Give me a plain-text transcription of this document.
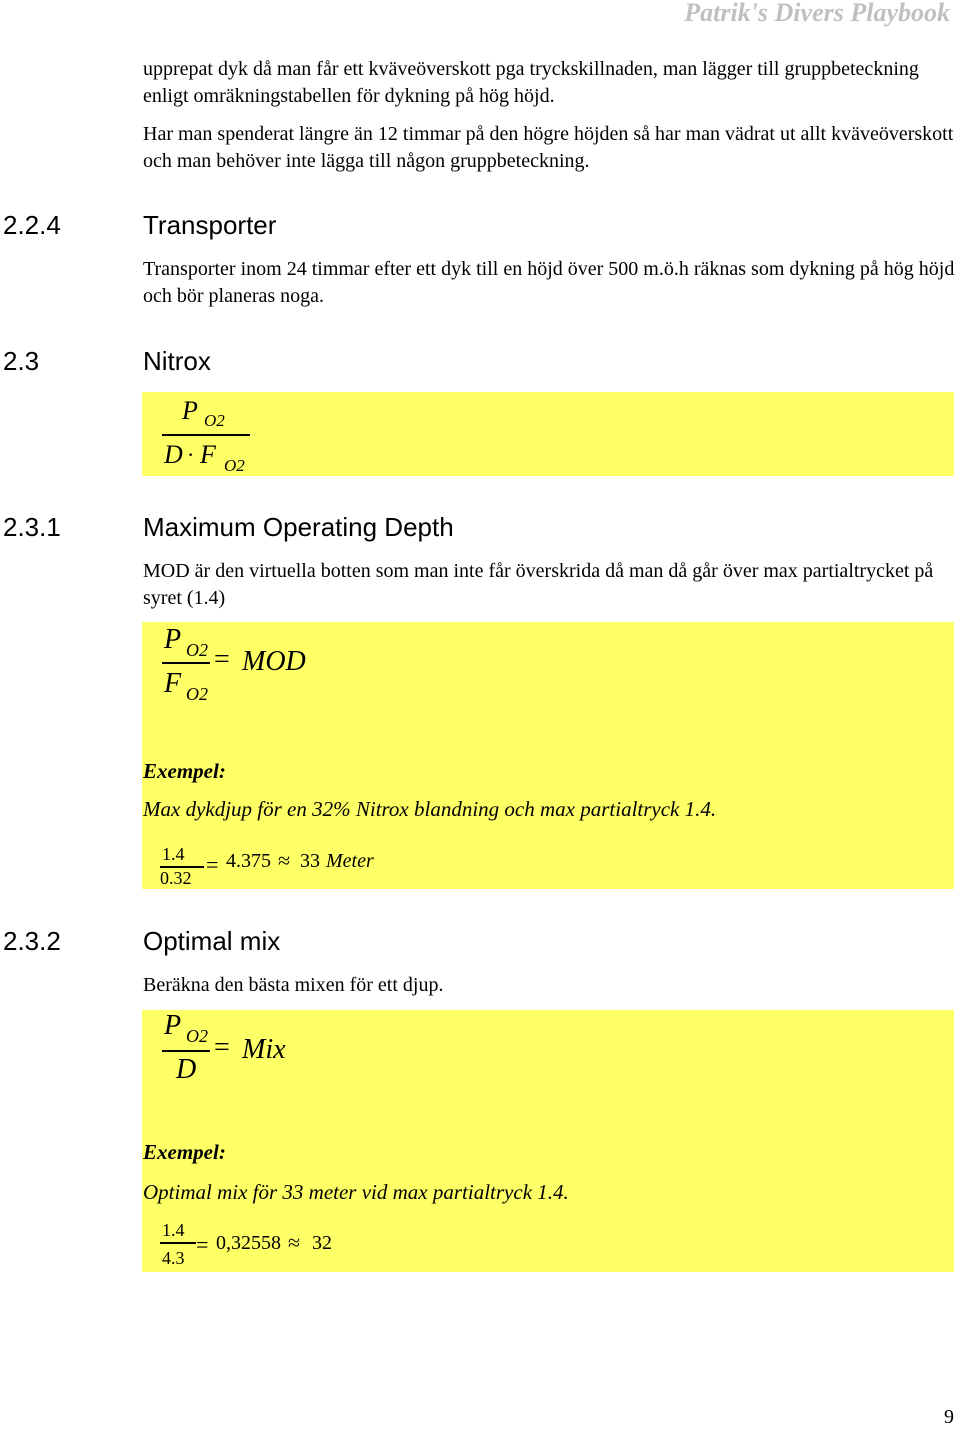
Patrik's Divers Playbook

upprepat dyk då man får ett kväveöverskott pga tryckskillnaden, man lägger till gruppbeteckning enligt omräkningstabellen för dykning på hög höjd.

Har man spenderat längre än 12 timmar på den högre höjden så har man vädrat ut allt kväveöverskott och man behöver inte lägga till någon gruppbeteckning.

2.2.4	Transporter

Transporter inom 24 timmar efter ett dyk till en höjd över 500 m.ö.h räknas som dykning på hög höjd och bör planeras noga.

2.3	Nitrox
P O2
D · F O2
2.3.1	Maximum Operating Depth

MOD är den virtuella botten som man inte får överskrida då man då går över max partialtrycket på syret (1.4)

P O2
F O2
= MOD
1.4
0.32
= 4.375 ≈ 33 Meter

Exempel:

Max dykdjup för en 32% Nitrox blandning och max partialtryck 1.4.

2.3.2	Optimal mix

Beräkna den bästa mixen för ett djup.

P O2
D
= Mix
1.4
4.3
= 0,32558 ≈ 32

Exempel:

Optimal mix för 33 meter vid max partialtryck 1.4.

9
